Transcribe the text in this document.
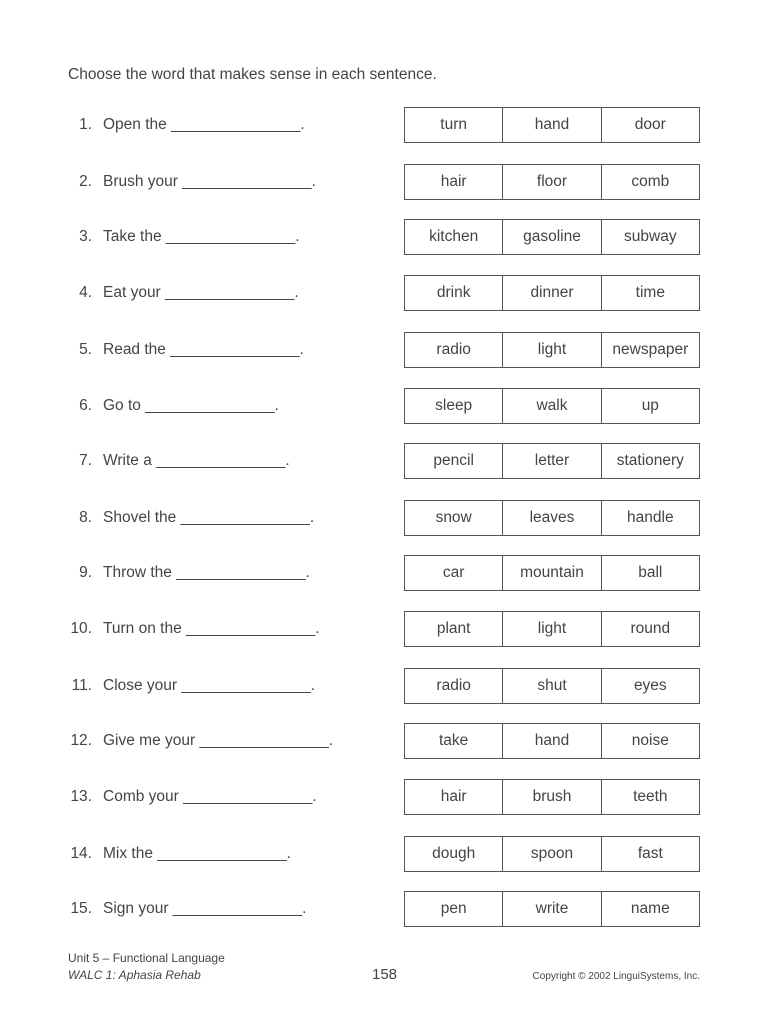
Choose the word that makes sense in each sentence.
1. Open the _______________.	turn	hand	door
2. Brush your _______________.	hair	floor	comb
3. Take the _______________.	kitchen	gasoline	subway
4. Eat your _______________.	drink	dinner	time
5. Read the _______________.	radio	light	newspaper
6. Go to _______________.	sleep	walk	up
7. Write a _______________.	pencil	letter	stationery
8. Shovel the _______________.	snow	leaves	handle
9. Throw the _______________.	car	mountain	ball
10. Turn on the _______________.	plant	light	round
11. Close your _______________.	radio	shut	eyes
12. Give me your _______________.	take	hand	noise
13. Comb your _______________.	hair	brush	teeth
14. Mix the _______________.	dough	spoon	fast
15. Sign your _______________.	pen	write	name
Unit 5 – Functional Language
WALC 1: Aphasia Rehab	158	Copyright © 2002 LinguiSystems, Inc.
